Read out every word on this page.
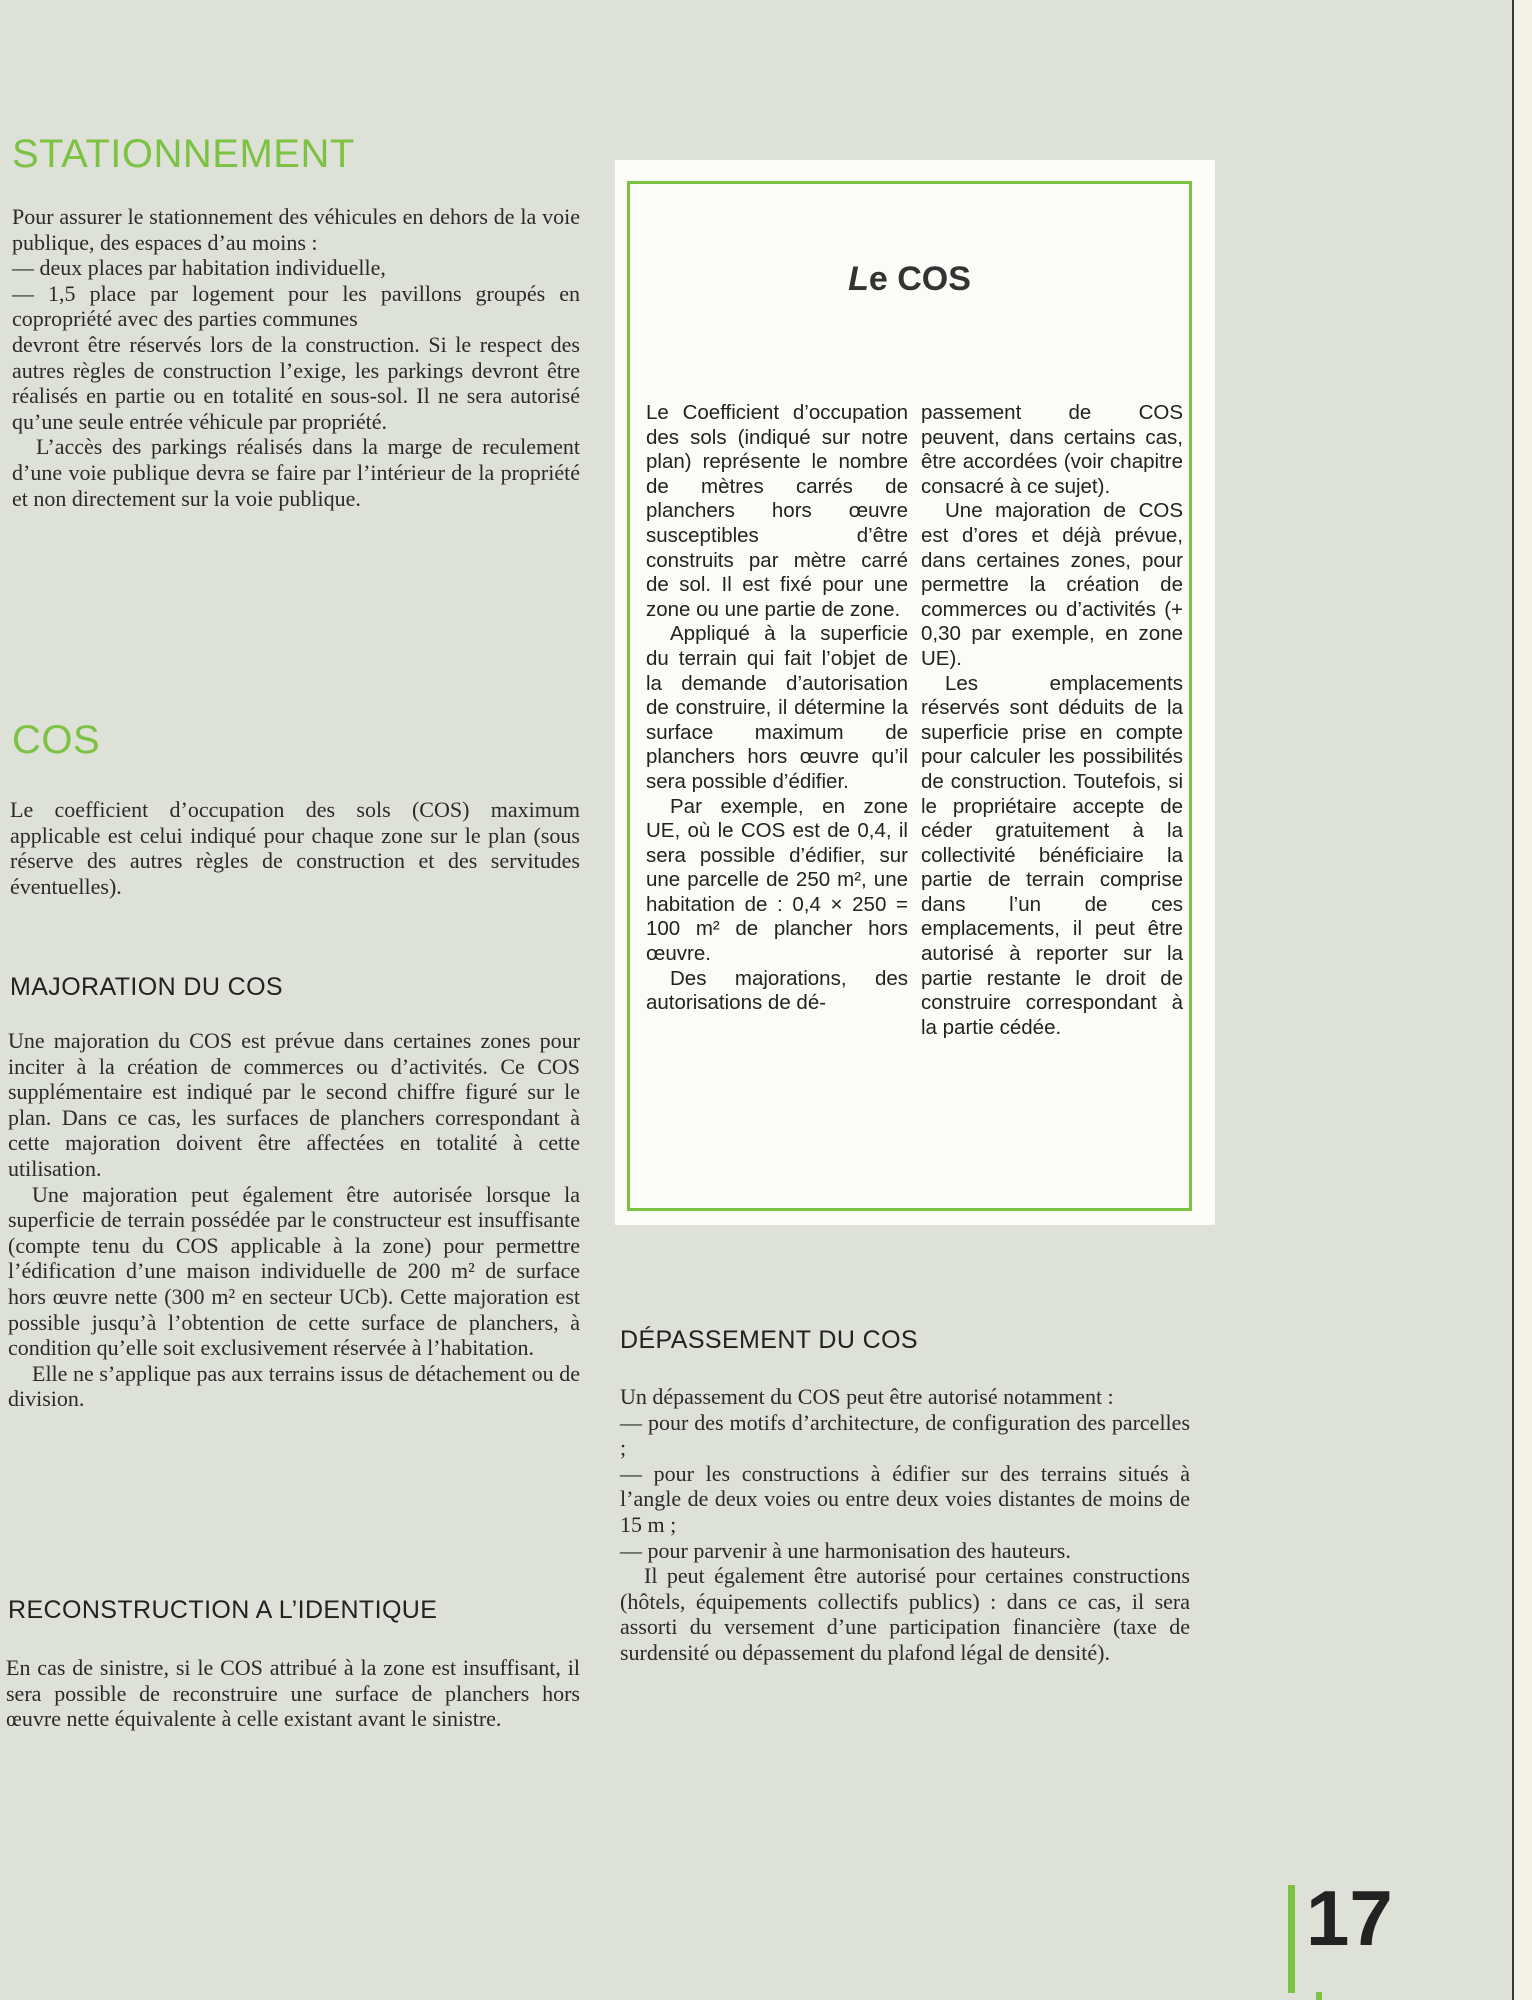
STATIONNEMENT

Pour assurer le stationnement des véhicules en dehors de la voie publique, des espaces d’au moins :

— deux places par habitation individuelle,

— 1,5 place par logement pour les pavillons groupés en copropriété avec des parties communes

devront être réservés lors de la construction. Si le respect des autres règles de construction l’exige, les parkings devront être réalisés en partie ou en totalité en sous-sol. Il ne sera autorisé qu’une seule entrée véhicule par propriété.

L’accès des parkings réalisés dans la marge de reculement d’une voie publique devra se faire par l’intérieur de la propriété et non directement sur la voie publique.

COS

Le coefficient d’occupation des sols (COS) maximum applicable est celui indiqué pour chaque zone sur le plan (sous réserve des autres règles de construction et des servitudes éventuelles).

MAJORATION DU COS

Une majoration du COS est prévue dans certaines zones pour inciter à la création de commerces ou d’activités. Ce COS supplémentaire est indiqué par le second chiffre figuré sur le plan. Dans ce cas, les surfaces de planchers correspondant à cette majoration doivent être affectées en totalité à cette utilisation.

Une majoration peut également être autorisée lorsque la superficie de terrain possédée par le constructeur est insuffisante (compte tenu du COS applicable à la zone) pour permettre l’édification d’une maison individuelle de 200 m² de surface hors œuvre nette (300 m² en secteur UCb). Cette majoration est possible jusqu’à l’obtention de cette surface de planchers, à condition qu’elle soit exclusivement réservée à l’habitation.

Elle ne s’applique pas aux terrains issus de détachement ou de division.

RECONSTRUCTION A L’IDENTIQUE

En cas de sinistre, si le COS attribué à la zone est insuffisant, il sera possible de reconstruire une surface de planchers hors œuvre nette équivalente à celle existant avant le sinistre.

Le COS

Le Coefficient d’occupation des sols (indiqué sur notre plan) représente le nombre de mètres carrés de planchers hors œuvre susceptibles d’être construits par mètre carré de sol. Il est fixé pour une zone ou une partie de zone.

Appliqué à la superficie du terrain qui fait l’objet de la demande d’autorisation de construire, il détermine la surface maximum de planchers hors œuvre qu’il sera possible d’édifier.

Par exemple, en zone UE, où le COS est de 0,4, il sera possible d’édifier, sur une parcelle de 250 m², une habitation de : 0,4 × 250 = 100 m² de plancher hors œuvre.

Des majorations, des autorisations de dé-

passement de COS peuvent, dans certains cas, être accordées (voir chapitre consacré à ce sujet).

Une majoration de COS est d’ores et déjà prévue, dans certaines zones, pour permettre la création de commerces ou d’activités (+ 0,30 par exemple, en zone UE).

Les emplacements réservés sont déduits de la superficie prise en compte pour calculer les possibilités de construction. Toutefois, si le propriétaire accepte de céder gratuitement à la collectivité bénéficiaire la partie de terrain comprise dans l’un de ces emplacements, il peut être autorisé à reporter sur la partie restante le droit de construire correspondant à la partie cédée.

DÉPASSEMENT DU COS

Un dépassement du COS peut être autorisé notamment :

— pour des motifs d’architecture, de configuration des parcelles ;

— pour les constructions à édifier sur des terrains situés à l’angle de deux voies ou entre deux voies distantes de moins de 15 m ;

— pour parvenir à une harmonisation des hauteurs.

Il peut également être autorisé pour certaines constructions (hôtels, équipements collectifs publics) : dans ce cas, il sera assorti du versement d’une participation financière (taxe de surdensité ou dépassement du plafond légal de densité).

17
